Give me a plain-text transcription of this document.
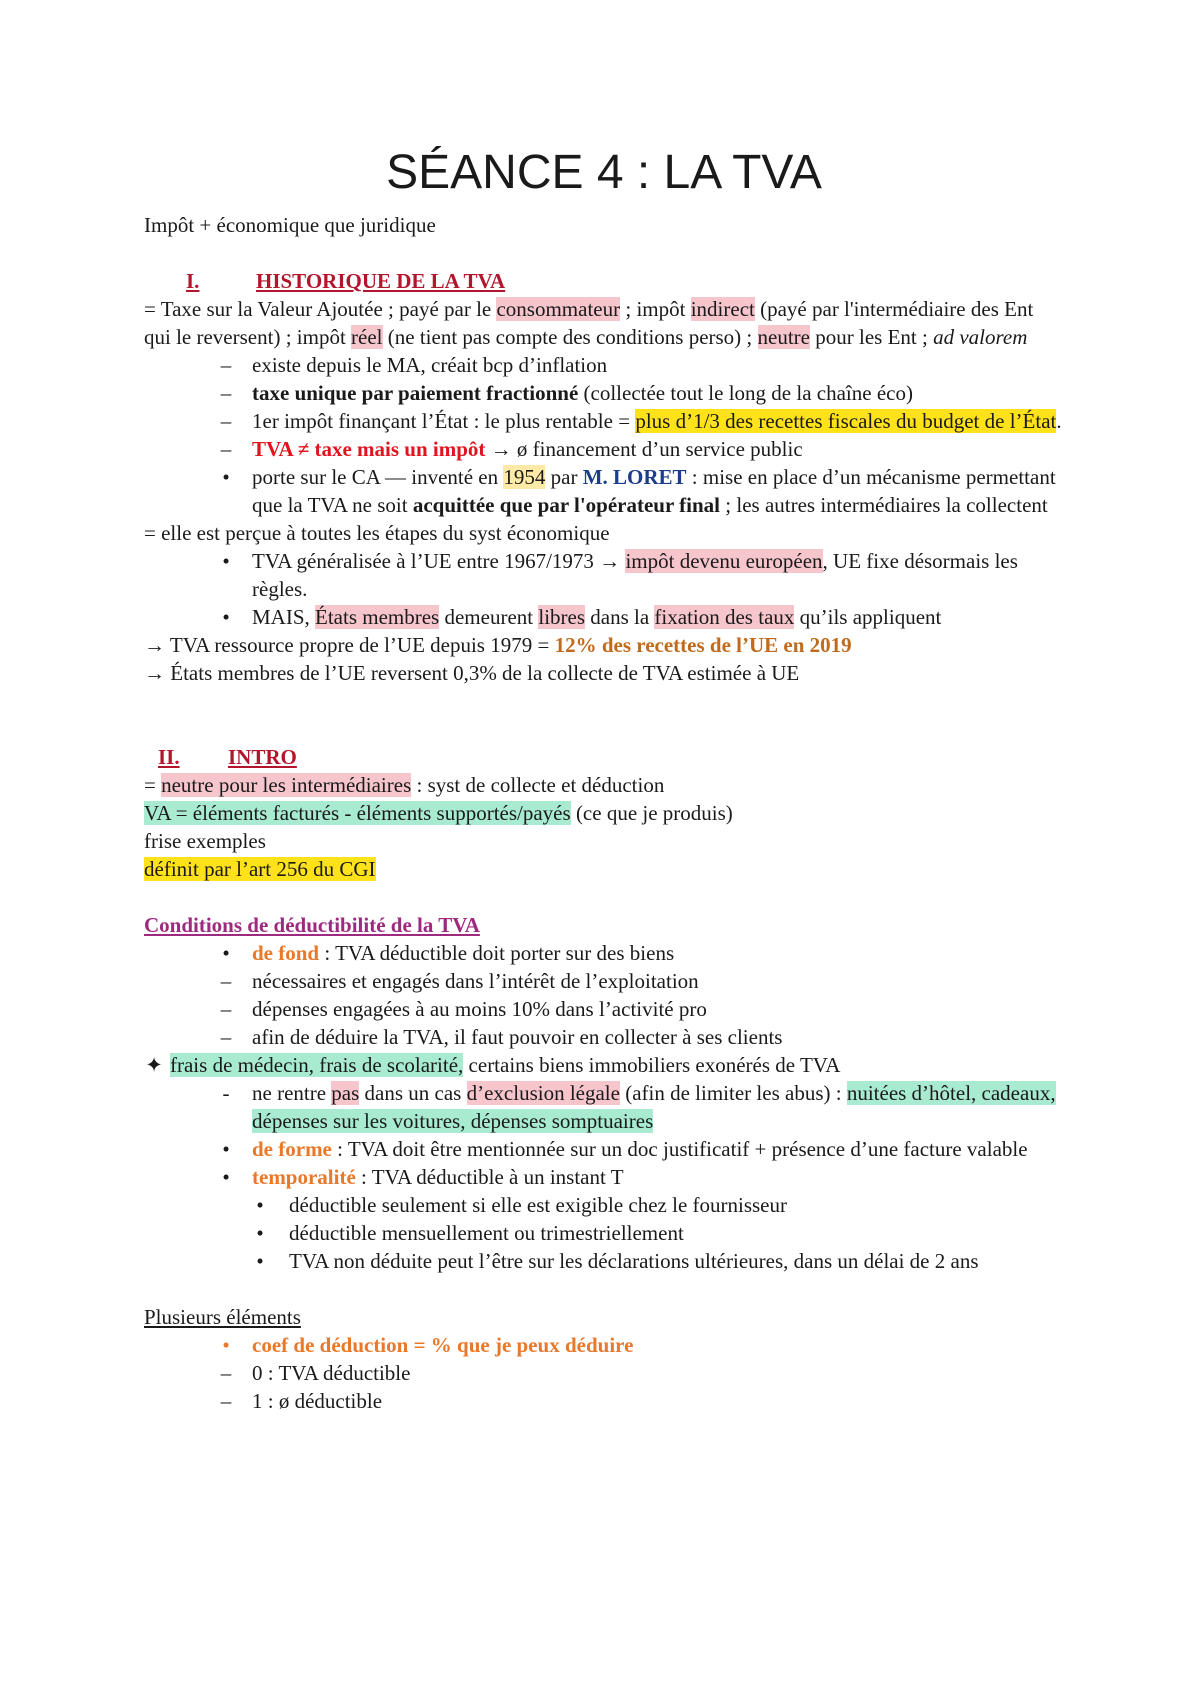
SÉANCE 4 : LA TVA

Impôt + économique que juridique

I.	HISTORIQUE DE LA TVA

= Taxe sur la Valeur Ajoutée ; payé par le consommateur ; impôt indirect (payé par l'intermédiaire des Ent qui le reversent) ; impôt réel (ne tient pas compte des conditions perso) ; neutre pour les Ent ; ad valorem

– existe depuis le MA, créait bcp d’inflation

– taxe unique par paiement fractionné (collectée tout le long de la chaîne éco)

– 1er impôt finançant l’État : le plus rentable = plus d’1/3 des recettes fiscales du budget de l’État.

– TVA ≠ taxe mais un impôt → ø financement d’un service public

•	porte sur le CA — inventé en 1954 par M. LORET : mise en place d’un mécanisme permettant que la TVA ne soit acquittée que par l'opérateur final ; les autres intermédiaires la collectent

= elle est perçue à toutes les étapes du syst économique

•	TVA généralisée à l’UE entre 1967/1973 → impôt devenu européen, UE fixe désormais les règles.

•	MAIS, États membres demeurent libres dans la fixation des taux qu’ils appliquent

→ TVA ressource propre de l’UE depuis 1979 = 12% des recettes de l’UE en 2019

→ États membres de l’UE reversent 0,3% de la collecte de TVA estimée à UE

II.	INTRO

= neutre pour les intermédiaires : syst de collecte et déduction

VA = éléments facturés - éléments supportés/payés (ce que je produis)

frise exemples

définit par l’art 256 du CGI

Conditions de déductibilité de la TVA

•	de fond : TVA déductible doit porter sur des biens

– nécessaires et engagés dans l’intérêt de l’exploitation

– dépenses engagées à au moins 10% dans l’activité pro

– afin de déduire la TVA, il faut pouvoir en collecter à ses clients

✦ frais de médecin, frais de scolarité, certains biens immobiliers exonérés de TVA

-	ne rentre pas dans un cas d’exclusion légale (afin de limiter les abus) : nuitées d’hôtel, cadeaux, dépenses sur les voitures, dépenses somptuaires

•	de forme : TVA doit être mentionnée sur un doc justificatif + présence d’une facture valable

•	temporalité : TVA déductible à un instant T

•	déductible seulement si elle est exigible chez le fournisseur

•	déductible mensuellement ou trimestriellement

•	TVA non déduite peut l’être sur les déclarations ultérieures, dans un délai de 2 ans

Plusieurs éléments

•	coef de déduction = % que je peux déduire

– 0 : TVA déductible

– 1 : ø déductible
